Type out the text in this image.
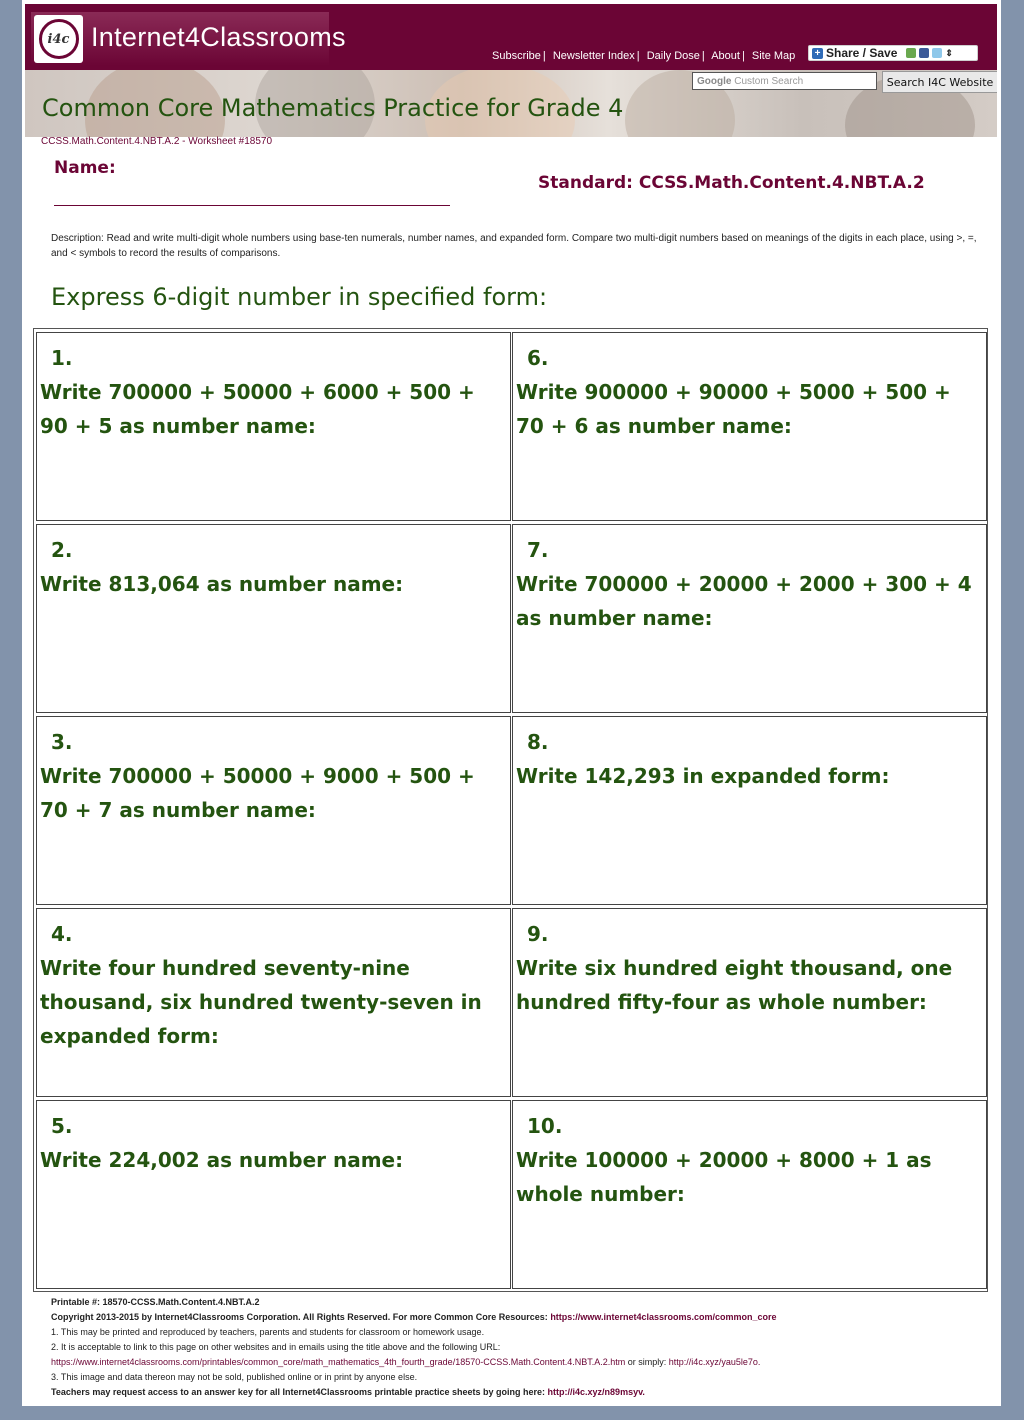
i4c Internet4Classrooms
Subscribe | Newsletter Index | Daily Dose | About | Site Map + Share / Save	⇕
Google Custom Search	Search I4C Website
Common Core Mathematics Practice for Grade 4
CCSS.Math.Content.4.NBT.A.2 - Worksheet #18570
Name:
Standard: CCSS.Math.Content.4.NBT.A.2
Description: Read and write multi-digit whole numbers using base-ten numerals, number names, and expanded form. Compare two multi-digit numbers based on meanings of the digits in each place, using >, =, and < symbols to record the results of comparisons.
Express 6-digit number in specified form:
1.
Write 700000 + 50000 + 6000 + 500 + 90 + 5 as number name:
2.
Write 813,064 as number name:
3.
Write 700000 + 50000 + 9000 + 500 + 70 + 7 as number name:
4.
Write four hundred seventy-nine thousand, six hundred twenty-seven in expanded form:
5.
Write 224,002 as number name:
6.
Write 900000 + 90000 + 5000 + 500 + 70 + 6 as number name:
7.
Write 700000 + 20000 + 2000 + 300 + 4 as number name:
8.
Write 142,293 in expanded form:
9.
Write six hundred eight thousand, one hundred fifty-four as whole number:
10.
Write 100000 + 20000 + 8000 + 1 as whole number:
Printable #: 18570-CCSS.Math.Content.4.NBT.A.2
Copyright 2013-2015 by Internet4Classrooms Corporation. All Rights Reserved. For more Common Core Resources: https://www.internet4classrooms.com/common_core
1. This may be printed and reproduced by teachers, parents and students for classroom or homework usage.
2. It is acceptable to link to this page on other websites and in emails using the title above and the following URL:
https://www.internet4classrooms.com/printables/common_core/math_mathematics_4th_fourth_grade/18570-CCSS.Math.Content.4.NBT.A.2.htm or simply: http://i4c.xyz/yau5le7o.
3. This image and data thereon may not be sold, published online or in print by anyone else.
Teachers may request access to an answer key for all Internet4Classrooms printable practice sheets by going here: http://i4c.xyz/n89msyv.
